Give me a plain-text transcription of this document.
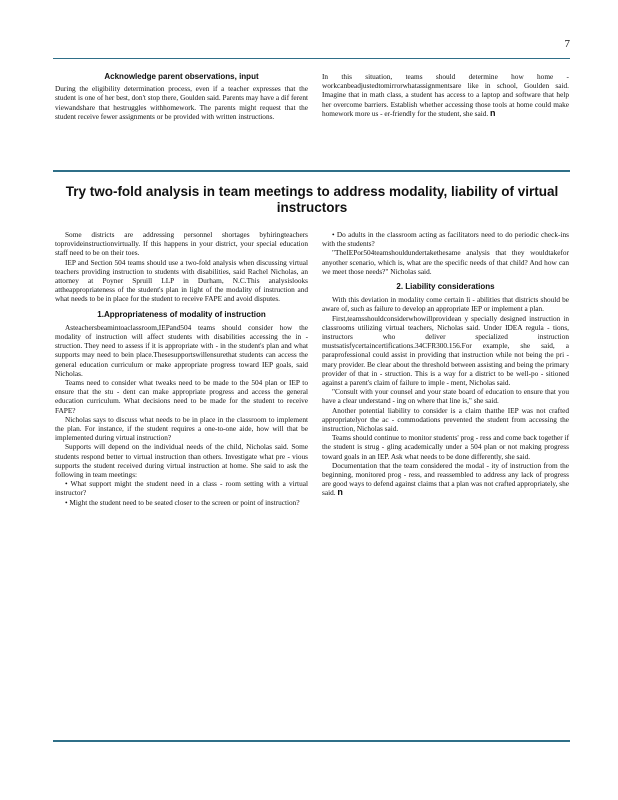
7
Acknowledge parent observations, input

During the eligibility determination process, even if a teacher expresses that the student is one of her best, don't stop there, Goulden said. Parents may have a dif ferent viewandshare that hestruggles withhomework. The parents might request that the student receive fewer assignments or be provided with written instructions.

In this situation, teams should determine how home - workcanbeadjustedtomirrorwhatassignmentsare like in school, Goulden said. Imagine that in math class, a student has access to a laptop and software that help her overcome barriers. Establish whether accessing those tools at home could make homework more us - er-friendly for the student, she said. n

Try two-fold analysis in team meetings to address modality, liability of virtual instructors

Some districts are addressing personnel shortages byhiringteachers toprovideinstructionvirtually. If this happens in your district, your special education staff need to be on their toes.

IEP and Section 504 teams should use a two-fold analysis when discussing virtual teachers providing instruction to students with disabilities, said Rachel Nicholas, an attorney at Poyner Spruill LLP in Durham, N.C.This analysislooks attheappropriateness of the student's plan in light of the modality of instruction and what needs to be in place for the student to receive FAPE and avoid disputes.

1.Appropriateness of modality of instruction

Asteachersbeamintoaclassroom,IEPand504 teams should consider how the modality of instruction will affect students with disabilities accessing the in - struction. They need to assess if it is appropriate with - in the student's plan and what supports may need to bein place.Thesesupportswillensurethat students can access the general education curriculum or make appropriate progress toward IEP goals, said Nicholas.

Teams need to consider what tweaks need to be made to the 504 plan or IEP to ensure that the stu - dent can make appropriate progress and access the general education curriculum. What decisions need to be made for the student to receive FAPE?

Nicholas says to discuss what needs to be in place in the classroom to implement the plan. For instance, if the student requires a one-to-one aide, how will that be implemented during virtual instruction?

Supports will depend on the individual needs of the child, Nicholas said. Some students respond better to virtual instruction than others. Investigate what pre - vious supports the student received during virtual instruction at home. She said to ask the following in team meetings:

• What support might the student need in a class - room setting with a virtual instructor?

• Might the student need to be seated closer to the screen or point of instruction?

• Do adults in the classroom acting as facilitators need to do periodic check-ins with the students?

"TheIEPor504teamshouldundertakethesame analysis that they wouldtakefor anyother scenario, which is, what are the specific needs of that child? And how can we meet those needs?" Nicholas said.

2. Liability considerations

With this deviation in modality come certain li - abilities that districts should be aware of, such as failure to develop an appropriate IEP or implement a plan.

First,teamsshouldconsiderwhowillprovidean y specially designed instruction in classrooms utilizing virtual teachers, Nicholas said. Under IDEA regula - tions, instructors who deliver specialized instruction mustsatisfycertaincertifications.34CFR300.156.For example, she said, a paraprofessional could assist in providing that instruction while not being the pri - mary provider. Be clear about the threshold between assisting and being the primary provider of that in - struction. This is a way for a district to be well-po - sitioned against a parent's claim of failure to imple - ment, Nicholas said.

"Consult with your counsel and your state board of education to ensure that you have a clear understand - ing on where that line is," she said.

Another potential liability to consider is a claim thatthe IEP was not crafted appropriatelyor the ac - commodations prevented the student from accessing the instruction, Nicholas said.

Teams should continue to monitor students' prog - ress and come back together if the student is strug - gling academically under a 504 plan or not making progress toward goals in an IEP. Ask what needs to be done differently, she said.

Documentation that the team considered the modal - ity of instruction from the beginning, monitored prog - ress, and reassembled to address any lack of progress are good ways to defend against claims that a plan was not crafted appropriately, she said. n
